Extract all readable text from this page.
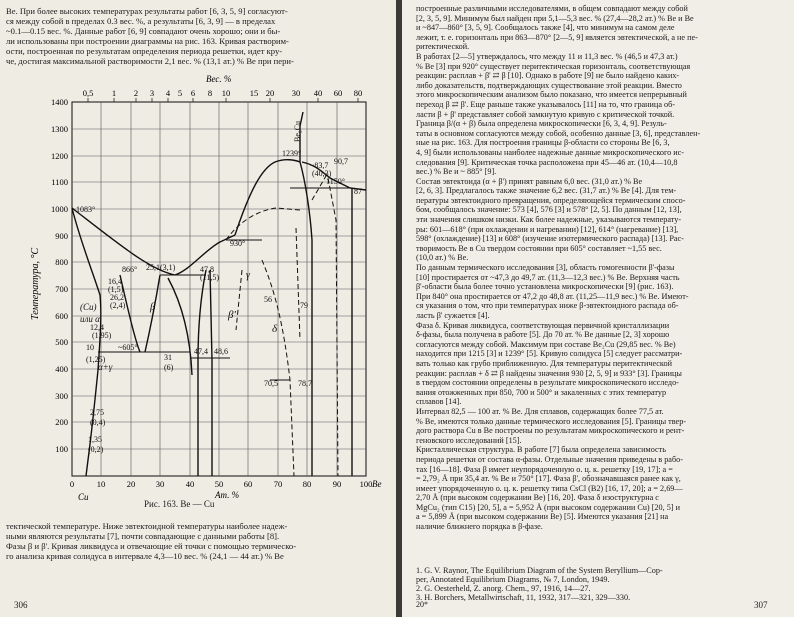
Be. При более высоких температурах результаты работ [6, 3, 5, 9] согласуют-
ся между собой в пределах 0.3 вес. %, а результаты [6, 3, 9] — в пределах
~0.1—0.15 вес. %. Данные работ [6, 9] совпадают очень хорошо; они и бы-
ли использованы при построении диаграммы на рис. 163. Кривая растворим-
ости, построенная по результатам определения периода решетки, идет кру-
че, достигая максимальной растворимости 2,1 вес. % (13,1 ат.) % Be при пери-
Вес. %
0,5 1 2 3 4 5 6 8 10 15 20 30 40 60 80
Температура, °С
1400
1300
1200
1100
1000
900
800
700
600
500
400
300
200
100
0	10	20 30	40 50 60	70 80	90 100
Ат. %
Cu
Be
1083°
1239°
1150°
930°
866°
~605°
(Cu)
или α
β
β'
γ
δ
α+γ
16,4
(1,5)
26,2
(2,4)
25,1(3,1)
12,4
(1,95)
10
(1,25)	31
(6)
47,4 48,6
47,8
(11,5)
56
79
70,5	78,7
~83,7
(40,3)
90,7
2,75
(0,4)
1,35
(0,2)
87
Be₂Cu
Рис. 163. Be — Cu
тектической температуре. Ниже эвтектоидной температуры наиболее надеж-
ными являются результаты [7], почти совпадающие с данными работы [8].
Фазы β и β'. Кривая ликвидуса и отвечающие ей точки с помощью термическо-
го анализа кривая солидуса в интервале 4,3—10 вес. % (24,1 — 44 ат.) % Be
306
построенные различными исследователями, в общем совпадают между собой
[2, 3, 5, 9]. Минимум был найден при 5,1—5,3 вес. % (27,4—28,2 ат.) % Be и Be
и ~847—860° [3, 5, 9]. Сообщалось также [4], что минимум на самом деле
лежит, т. е. горизонталь при 863—870° [2—5, 9] является эвтектической, а не пе-
ритектической.
В работах [2—5] утверждалось, что между 11 и 11,3 вес. % (46,5 и 47,3 ат.)
% Be [3] при 920° существует перитектическая горизонталь, соответствующая
реакции: расплав + β' ⇄ β [10]. Однако в работе [9] не было найдено каких-
либо доказательств, подтверждающих существование этой реакции. Вместо
этого микроскопическим анализом было показано, что имеется непрерывный
переход β ⇄ β'. Еще раньше также указывалось [11] на то, что граница об-
ласти β + β' представляет собой замкнутую кривую с критической точкой.
Граница β/(α + β) была определена микроскопически [6, 3, 4, 9]. Резуль-
таты в основном согласуются между собой, особенно данные [3, 6], представлен-
ные на рис. 163. Для построения границы β-области со стороны Be [6, 3,
4, 9] были использованы наиболее надежные данные микроскопического ис-
следования [9]. Критическая точка расположена при 45—46 ат. (10,4—10,8
вес.) % Be и ~ 885° [9].
Состав эвтектоида (α + β') принят равным 6,0 вес. (31,0 ат.) % Be
[2, 6, 3]. Предлагалось также значение 6,2 вес. (31,7 ат.) % Be [4]. Для тем-
пературы эвтектоидного превращения, определяющейся термическим спосо-
бом, сообщалось значение: 573 [4], 576 [3] и 578° [2, 5]. По данным [12, 13],
эти значения слишком низки. Как более надежные, указываются температу-
ры: 601—618° (при охлаждении и нагревании) [12], 614° (нагревание) [13],
598° (охлаждение) [13] и 608° (изучение изотермического распада) [13]. Рас-
творимость Be в Cu твердом состоянии при 605° составляет ~1,55 вес.
(10,0 ат.) % Be.
По данным термического исследования [3], область гомогенности β'-фазы
[10] простирается от ~47,3 до 49,7 ат. (11,3—12,3 вес.) % Be. Верхняя часть
β'-области была более точно установлена микроскопически [9] (рис. 163).
При 840° она простирается от 47,2 до 48,8 ат. (11,25—11,9 вес.) % Be. Имеют-
ся указания о том, что при температурах ниже β-эвтектоидного распада об-
ласть β' сужается [4].
Фаза δ. Кривая ликвидуса, соответствующая первичной кристаллизации
δ-фазы, была получена в работе [5]. До 70 ат. % Be данные [2, 3] хорошо
согласуются между собой. Максимум при составе Be₂Cu (29,85 вес. % Be)
находится при 1215 [3] и 1239° [5]. Кривую солидуса [5] следует рассматри-
вать только как грубо приближенную. Для температуры перитектической
реакции: расплав + δ ⇄ β найдены значения 930 [2, 5, 9] и 933° [3]. Границы
в твердом состоянии определены в результате микроскопического исследо-
вания отожженных при 850, 700 и 500° и закаленных с этих температур
сплавов [14].
Интервал 82,5 — 100 ат. % Be. Для сплавов, содержащих более 77,5 ат.
% Be, имеются только данные термического исследования [5]. Границы твер-
дого раствора Cu в Be построены по результатам микроскопического и рент-
геновского исследований [15].
Кристаллическая структура. В работе [7] была определена зависимость
периода решетки от состава α-фазы. Отдельные значения приведены в рабо-
тах [16—18]. Фаза β имеет неупорядоченную о. ц. к. решетку [19, 17]; a =
= 2,79₂ Å при 35,4 ат. % Be и 750° [17]. Фаза β', обозначавшаяся ранее как γ,
имеет упорядоченную о. ц. к. решетку типа CsCl (B2) [16, 17, 20]; a = 2,69—
2,70 Å (при высоком содержании Be) [16, 20]. Фаза δ изоструктурна с
MgCu₂ (тип C15) [20, 5], a = 5,952 Å (при высоком содержании Cu) [20, 5] и
a = 5,899 Å (при высоком содержании Be) [5]. Имеются указания [21] на
наличие ближнего порядка в β-фазе.
1. G. V. Raynor, The Equilibrium Diagram of the System Beryllium—Cop-
per, Annotated Equilibrium Diagrams, № 7, London, 1949.
2. G. Oesterheld, Z. anorg. Chem., 97, 1916, 14—27.
3. H. Borchers, Metallwirtschaft, 11, 1932, 317—321, 329—330.
20*	307
